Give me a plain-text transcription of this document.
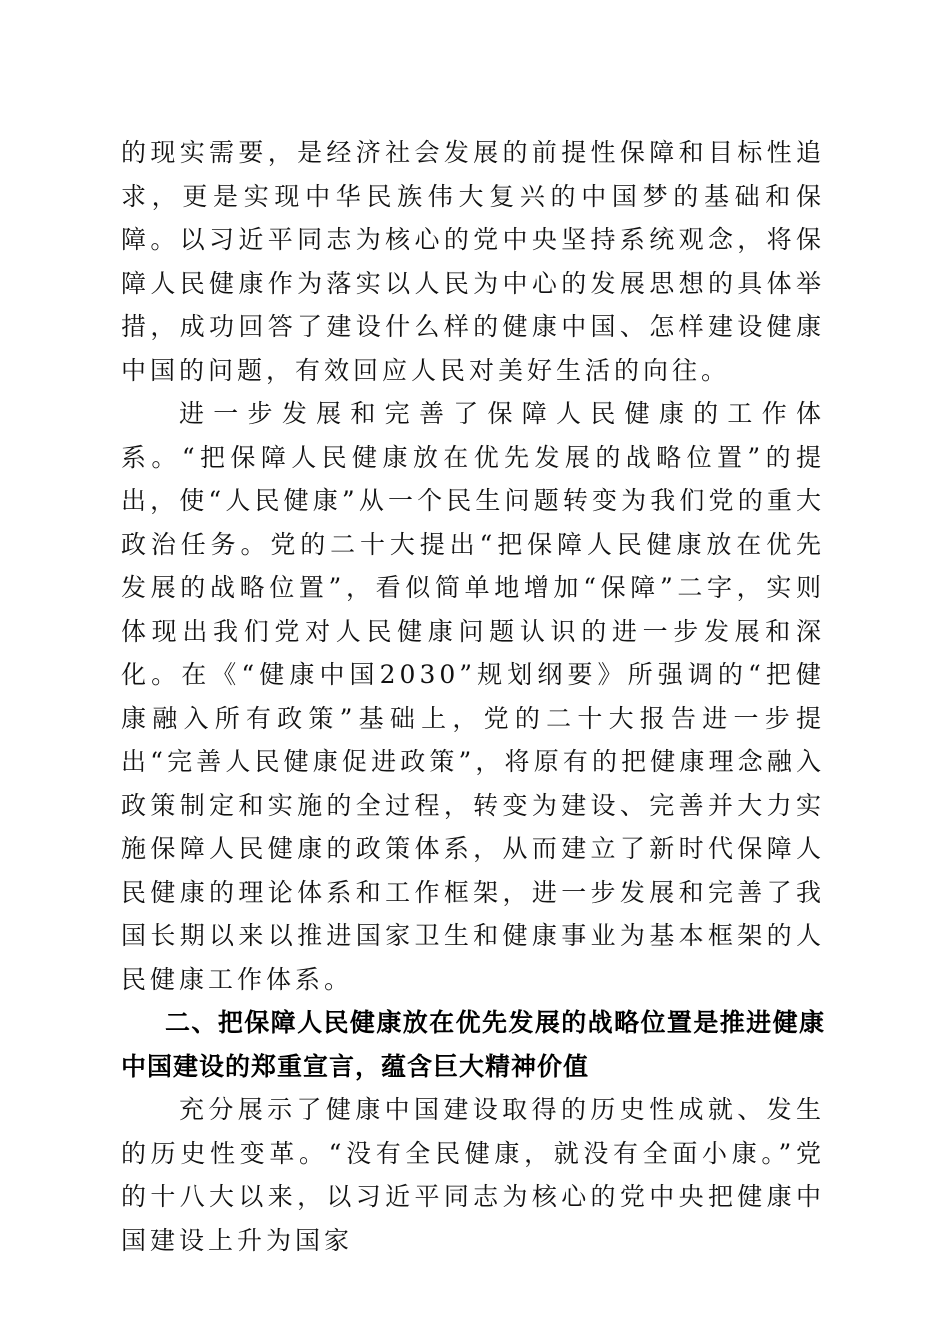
的现实需要，是经济社会发展的前提性保障和目标性追求，更是实现中华民族伟大复兴的中国梦的基础和保障。以习近平同志为核心的党中央坚持系统观念，将保障人民健康作为落实以人民为中心的发展思想的具体举措，成功回答了建设什么样的健康中国、怎样建设健康中国的问题，有效回应人民对美好生活的向往。

进一步发展和完善了保障人民健康的工作体系。“把保障人民健康放在优先发展的战略位置”的提出，使“人民健康”从一个民生问题转变为我们党的重大政治任务。党的二十大提出“把保障人民健康放在优先发展的战略位置”，看似简单地增加“保障”二字，实则体现出我们党对人民健康问题认识的进一步发展和深化。在《“健康中国2030”规划纲要》所强调的“把健康融入所有政策”基础上，党的二十大报告进一步提出“完善人民健康促进政策”，将原有的把健康理念融入政策制定和实施的全过程，转变为建设、完善并大力实施保障人民健康的政策体系，从而建立了新时代保障人民健康的理论体系和工作框架，进一步发展和完善了我国长期以来以推进国家卫生和健康事业为基本框架的人民健康工作体系。

二、把保障人民健康放在优先发展的战略位置是推进健康中国建设的郑重宣言，蕴含巨大精神价值

充分展示了健康中国建设取得的历史性成就、发生的历史性变革。“没有全民健康，就没有全面小康。”党的十八大以来，以习近平同志为核心的党中央把健康中国建设上升为国家
